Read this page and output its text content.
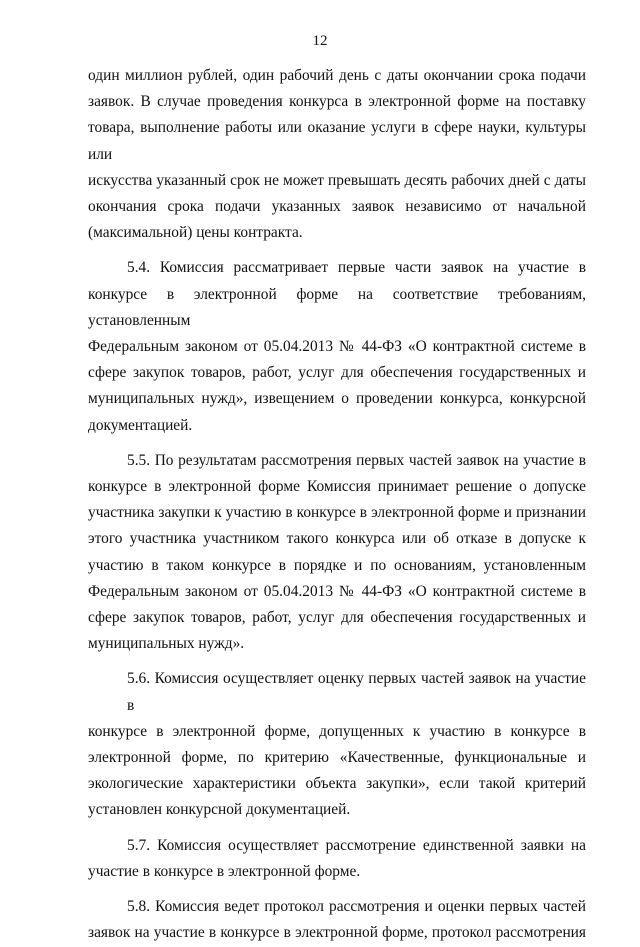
12
один миллион рублей, один рабочий день с даты окончании срока подачи
заявок. В случае проведения конкурса в электронной форме на поставку
товара, выполнение работы или оказание услуги в сфере науки, культуры или
искусства указанный срок не может превышать десять рабочих дней с даты
окончания срока подачи указанных заявок независимо от начальной
(максимальной) цены контракта.
5.4. Комиссия рассматривает первые части заявок на участие в
конкурсе в электронной форме на соответствие требованиям, установленным
Федеральным законом от 05.04.2013 № 44-ФЗ «О контрактной системе в
сфере закупок товаров, работ, услуг для обеспечения государственных и
муниципальных нужд», извещением о проведении конкурса, конкурсной
документацией.
5.5. По результатам рассмотрения первых частей заявок на участие в
конкурсе в электронной форме Комиссия принимает решение о допуске
участника закупки к участию в конкурсе в электронной форме и признании
этого участника участником такого конкурса или об отказе в допуске к
участию в таком конкурсе в порядке и по основаниям, установленным
Федеральным законом от 05.04.2013 № 44-ФЗ «О контрактной системе в
сфере закупок товаров, работ, услуг для обеспечения государственных и
муниципальных нужд».
5.6. Комиссия осуществляет оценку первых частей заявок на участие в
конкурсе в электронной форме, допущенных к участию в конкурсе в
электронной форме, по критерию «Качественные, функциональные и
экологические характеристики объекта закупки», если такой критерий
установлен конкурсной документацией.
5.7. Комиссия осуществляет рассмотрение единственной заявки на
участие в конкурсе в электронной форме.
5.8. Комиссия ведет протокол рассмотрения и оценки первых частей
заявок на участие в конкурсе в электронной форме, протокол рассмотрения
